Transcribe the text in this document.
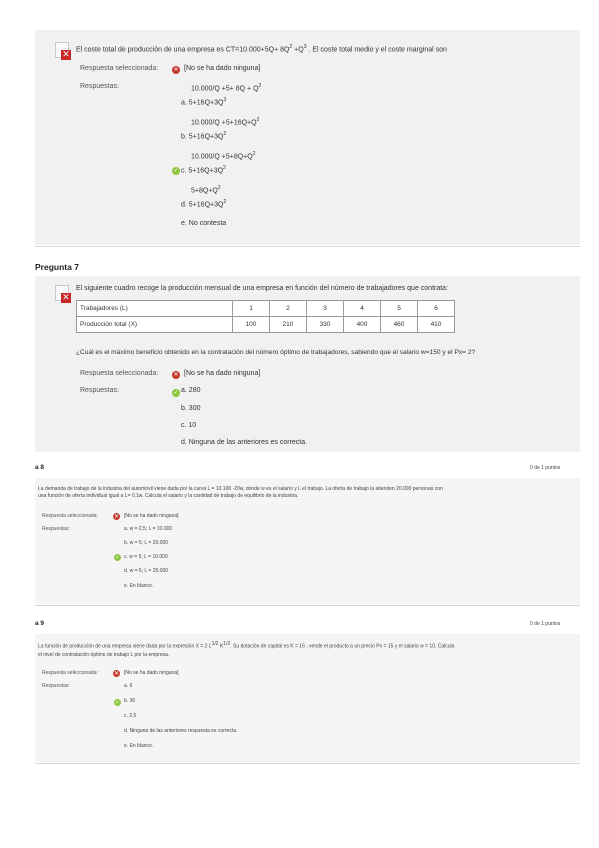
✕
El coste total de producción de una empresa es $CT=10.000+5Q+ 8Q^2 +Q^3$ . El coste total medio y el coste marginal son
Respuesta seleccionada:	✕ [No se ha dado ninguna]
Respuestas:	$10.000/Q +5+ 8Q + Q^2$
a. $5+16Q+3Q^3$
$10.000/Q +5+16Q+Q^2$
b. $5+16Q+3Q^2$
$10.000/Q +5+8Q+Q^2$
✓ c. $5+16Q+3Q^2$
$5+8Q+Q^2$
d. $5+16Q+3Q^2$
e. No contesta
Pregunta 7
✕
El siguiente cuadro recoge la producción mensual de una empresa en función del número de trabajadores que contrata:
Trabajadores (L)	1	2	3	4	5	6
Producción total (X)	100	210	330	400	460	410
¿Cuál es el máximo beneficio obtenido en la contratación del número óptimo de trabajadores, sabiendo que el salario w=150 y el Px= 2?
Respuesta seleccionada:	✕ [No se ha dado ninguna]
Respuestas:	✓ a. 280
b. 300
c. 10
d. Ninguna de las anteriores es correcta.
a 8	0 de 1 puntos
La demanda de trabajo de la industria del automóvil viene dada por la curva L = 10.100 -20w, donde w es el salario y L el trabajo. La oferta de trabajo la atienden 20.000 personas con
una función de oferta individual igual a L= 0,1w. Calcula el salario y la cantidad de trabajo de equilibrio de la industria.
Respuesta seleccionada:	✕ [No se ha dado ninguna]
Respuestas:	a. w = 2,5; L = 10.000
b. w = 5; L = 20.000
✓ c. w = 5; L = 10.000
d. w = 5; L = 25.000
e. En blanco.
a 9	0 de 1 puntos
La función de producción de una empresa viene dada por la expresión X = 2 $L^{1/2}$ $K^{1/2}$. Su dotación de capital es K = 16 , vende el producto a un precio Px = 15 y el salario w = 10. Calcula
el nivel de contratación óptimo de trabajo L por la empresa.
Respuesta seleccionada:	✕ [No se ha dado ninguna]
Respuestas:	a. 6
✓ b. 36
c. 2,5
d. Ninguna de las anteriores respuesta es correcta.
e. En blanco.
